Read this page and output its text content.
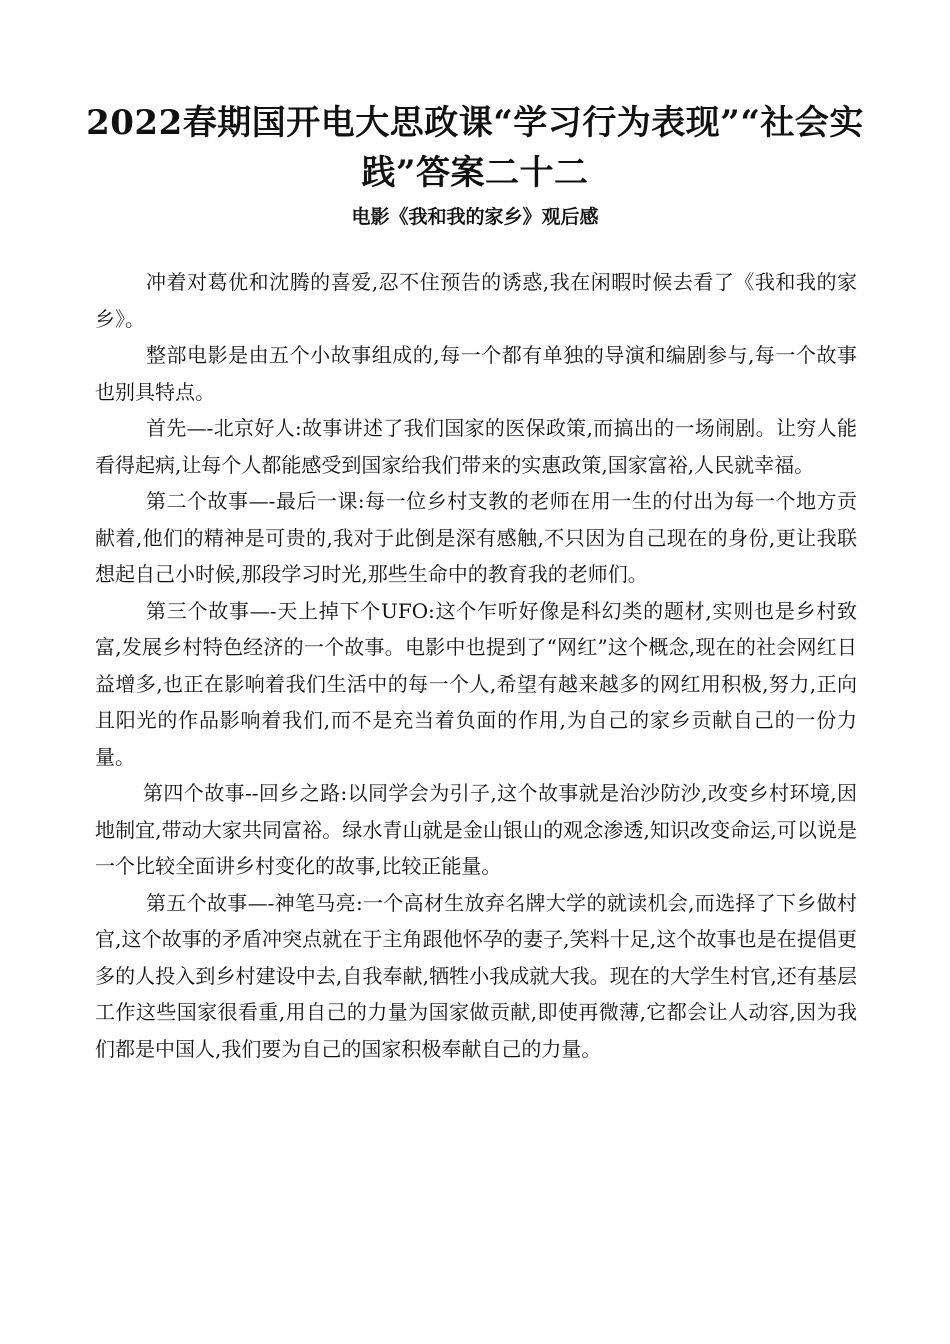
2022春期国开电大思政课“学习行为表现”“社会实践”答案二十二
电影《我和我的家乡》观后感

冲着对葛优和沈腾的喜爱,忍不住预告的诱惑,我在闲暇时候去看了《我和我的家乡》。

整部电影是由五个小故事组成的,每一个都有单独的导演和编剧参与,每一个故事也别具特点。

首先—-北京好人:故事讲述了我们国家的医保政策,而搞出的一场闹剧。让穷人能看得起病,让每个人都能感受到国家给我们带来的实惠政策,国家富裕,人民就幸福。

第二个故事—-最后一课:每一位乡村支教的老师在用一生的付出为每一个地方贡献着,他们的精神是可贵的,我对于此倒是深有感触,不只因为自己现在的身份,更让我联想起自己小时候,那段学习时光,那些生命中的教育我的老师们。

第三个故事—-天上掉下个UFO:这个乍听好像是科幻类的题材,实则也是乡村致富,发展乡村特色经济的一个故事。电影中也提到了“网红”这个概念,现在的社会网红日益增多,也正在影响着我们生活中的每一个人,希望有越来越多的网红用积极,努力,正向且阳光的作品影响着我们,而不是充当着负面的作用,为自己的家乡贡献自己的一份力量。

第四个故事--回乡之路:以同学会为引子,这个故事就是治沙防沙,改变乡村环境,因地制宜,带动大家共同富裕。绿水青山就是金山银山的观念渗透,知识改变命运,可以说是一个比较全面讲乡村变化的故事,比较正能量。

第五个故事—-神笔马亮:一个高材生放弃名牌大学的就读机会,而选择了下乡做村官,这个故事的矛盾冲突点就在于主角跟他怀孕的妻子,笑料十足,这个故事也是在提倡更多的人投入到乡村建设中去,自我奉献,牺牲小我成就大我。现在的大学生村官,还有基层工作这些国家很看重,用自己的力量为国家做贡献,即使再微薄,它都会让人动容,因为我们都是中国人,我们要为自己的国家积极奉献自己的力量。
